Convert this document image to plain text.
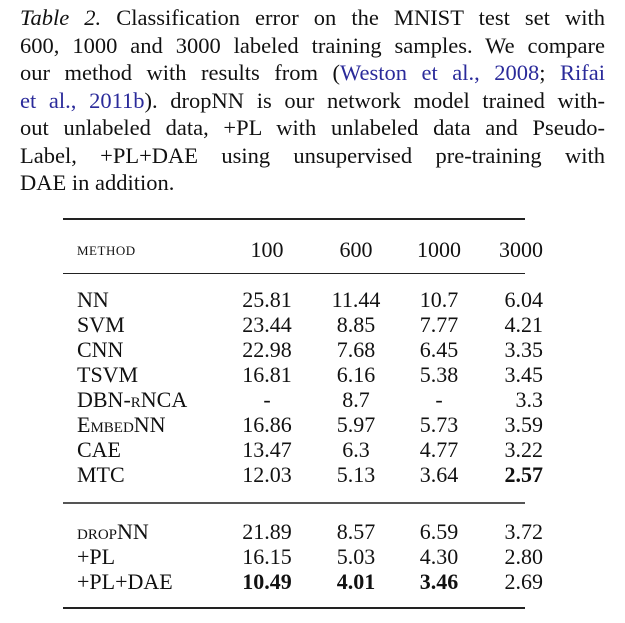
Table 2. Classification error on the MNIST test set with
600, 1000 and 3000 labeled training samples. We compare
our method with results from (Weston et al., 2008; Rifai
et al., 2011b). dropNN is our network model trained with-
out unlabeled data, +PL with unlabeled data and Pseudo-
Label, +PL+DAE using unsupervised pre-training with
DAE in addition.
method	100	600	1000	3000
NN	25.81	11.44	10.7	6.04
SVM	23.44	8.85	7.77	4.21
CNN	22.98	7.68	6.45	3.35
TSVM	16.81	6.16	5.38	3.45
DBN-rNCA	-	8.7	-	3.3
EmbedNN	16.86	5.97	5.73	3.59
CAE	13.47	6.3	4.77	3.22
MTC	12.03	5.13	3.64	2.57
dropNN	21.89	8.57	6.59	3.72
+PL	16.15	5.03	4.30	2.80
+PL+DAE	10.49	4.01	3.46	2.69
